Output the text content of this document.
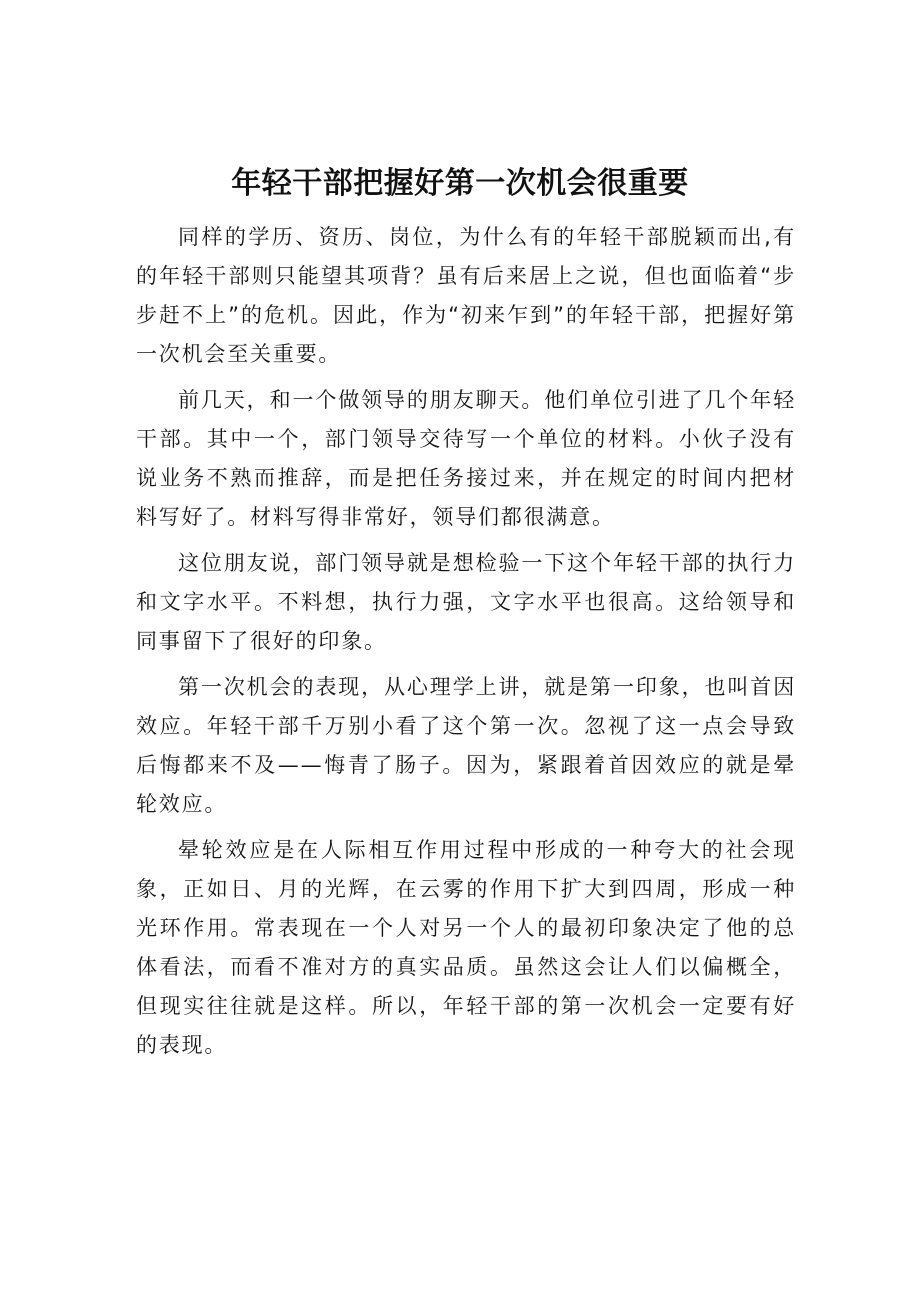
年轻干部把握好第一次机会很重要

同样的学历、资历、岗位，为什么有的年轻干部脱颖而出,有的年轻干部则只能望其项背？虽有后来居上之说，但也面临着“步步赶不上”的危机。因此，作为“初来乍到”的年轻干部，把握好第一次机会至关重要。

前几天，和一个做领导的朋友聊天。他们单位引进了几个年轻干部。其中一个，部门领导交待写一个单位的材料。小伙子没有说业务不熟而推辞，而是把任务接过来，并在规定的时间内把材料写好了。材料写得非常好，领导们都很满意。

这位朋友说，部门领导就是想检验一下这个年轻干部的执行力和文字水平。不料想，执行力强，文字水平也很高。这给领导和同事留下了很好的印象。

第一次机会的表现，从心理学上讲，就是第一印象，也叫首因效应。年轻干部千万别小看了这个第一次。忽视了这一点会导致后悔都来不及——悔青了肠子。因为，紧跟着首因效应的就是晕轮效应。

晕轮效应是在人际相互作用过程中形成的一种夸大的社会现象，正如日、月的光辉，在云雾的作用下扩大到四周，形成一种光环作用。常表现在一个人对另一个人的最初印象决定了他的总体看法，而看不准对方的真实品质。虽然这会让人们以偏概全，但现实往往就是这样。所以，年轻干部的第一次机会一定要有好的表现。
